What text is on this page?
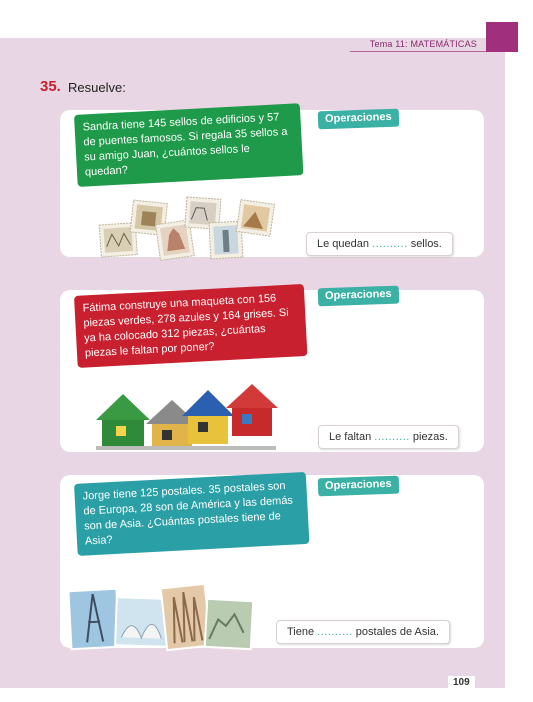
Tema 11: MATEMÁTICAS
35. Resuelve:
Sandra tiene 145 sellos de edificios y 57 de puentes famosos. Si regala 35 sellos a su amigo Juan, ¿cuántos sellos le quedan?
Operaciones
Le quedan .......... sellos.
Fátima construye una maqueta con 156 piezas verdes, 278 azules y 164 grises. Si ya ha colocado 312 piezas, ¿cuántas piezas le faltan por poner?
Operaciones
Le faltan .......... piezas.
Jorge tiene 125 postales. 35 postales son de Europa, 28 son de América y las demás son de Asia. ¿Cuántas postales tiene de Asia?
Operaciones
Tiene .......... postales de Asia.
109
